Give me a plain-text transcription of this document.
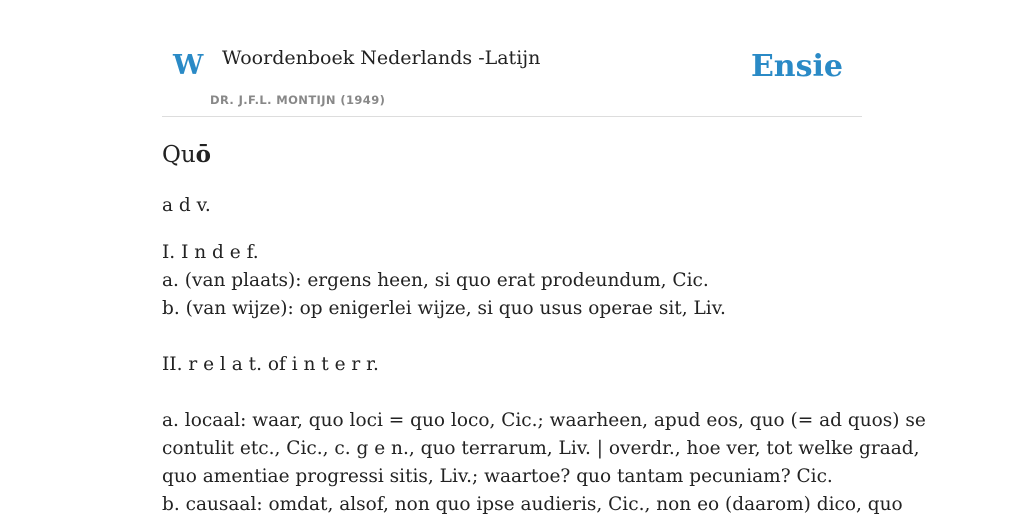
W Woordenboek Nederlands -Latijn
DR. J.F.L. MONTIJN (1949)
Ensie
Quō
a d v.
I. I n d e f.
a. (van plaats): ergens heen, si quo erat prodeundum, Cic.
b. (van wijze): op enigerlei wijze, si quo usus operae sit, Liv.
II. r e l a t. of i n t e r r.
a. locaal: waar, quo loci = quo loco, Cic.; waarheen, apud eos, quo (= ad quos) se
contulit etc., Cic., c. g e n., quo terrarum, Liv. | overdr., hoe ver, tot welke graad,
quo amentiae progressi sitis, Liv.; waartoe? quo tantam pecuniam? Cic.
b. causaal: omdat, alsof, non quo ipse audieris, Cic., non eo (daarom) dico, quo
